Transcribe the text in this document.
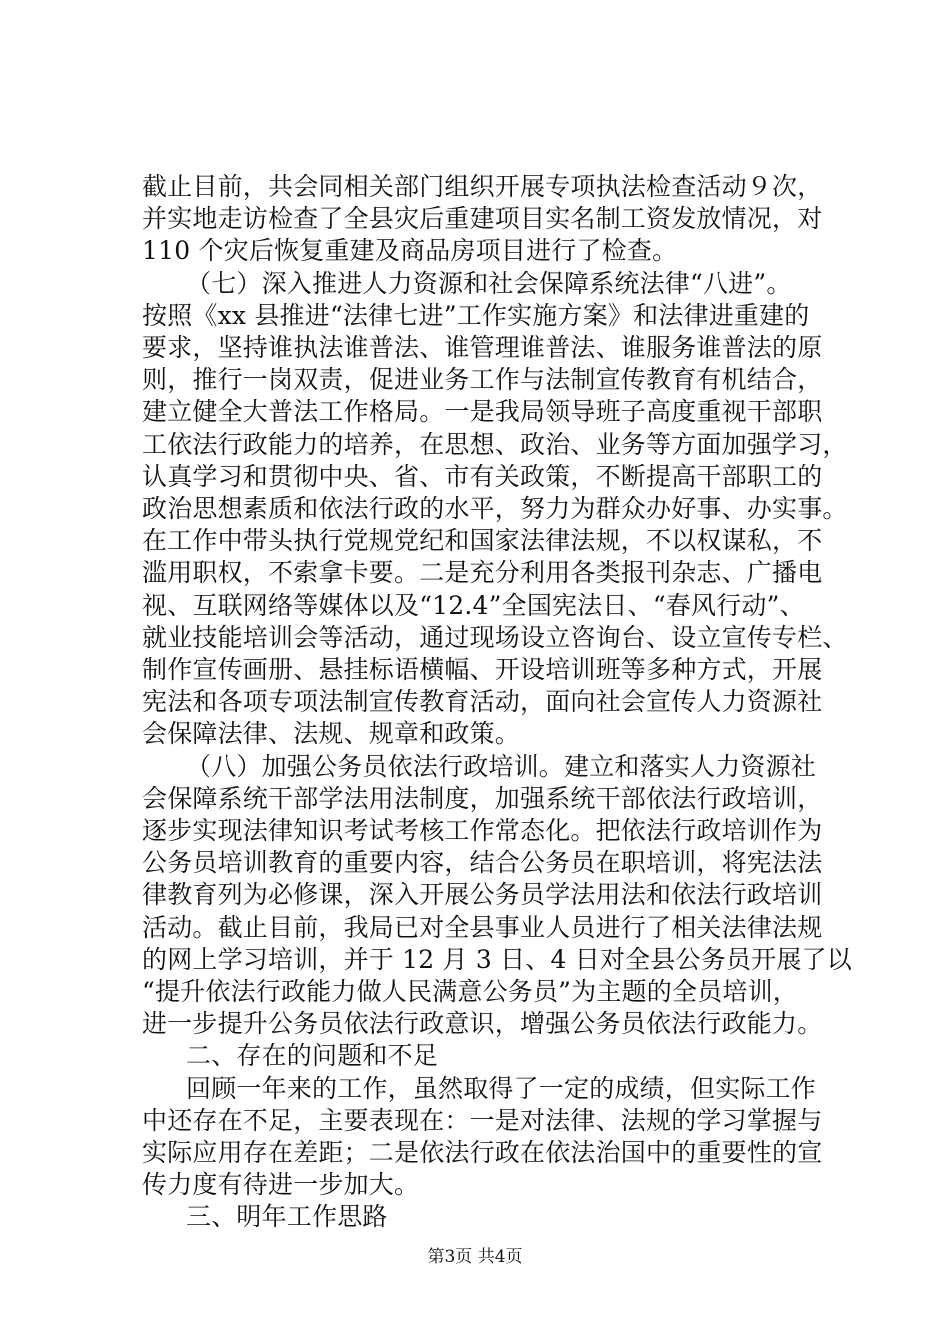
截止目前，共会同相关部门组织开展专项执法检查活动９次，
并实地走访检查了全县灾后重建项目实名制工资发放情况，对
110 个灾后恢复重建及商品房项目进行了检查。
（七）深入推进人力资源和社会保障系统法律“八进”。
按照《xx 县推进“法律七进”工作实施方案》和法律进重建的
要求，坚持谁执法谁普法、谁管理谁普法、谁服务谁普法的原
则，推行一岗双责，促进业务工作与法制宣传教育有机结合，
建立健全大普法工作格局。一是我局领导班子高度重视干部职
工依法行政能力的培养，在思想、政治、业务等方面加强学习，
认真学习和贯彻中央、省、市有关政策，不断提高干部职工的
政治思想素质和依法行政的水平，努力为群众办好事、办实事。
在工作中带头执行党规党纪和国家法律法规，不以权谋私，不
滥用职权，不索拿卡要。二是充分利用各类报刊杂志、广播电
视、互联网络等媒体以及“12.4”全国宪法日、“春风行动”、
就业技能培训会等活动，通过现场设立咨询台、设立宣传专栏、
制作宣传画册、悬挂标语横幅、开设培训班等多种方式，开展
宪法和各项专项法制宣传教育活动，面向社会宣传人力资源社
会保障法律、法规、规章和政策。
（八）加强公务员依法行政培训。建立和落实人力资源社
会保障系统干部学法用法制度，加强系统干部依法行政培训，
逐步实现法律知识考试考核工作常态化。把依法行政培训作为
公务员培训教育的重要内容，结合公务员在职培训，将宪法法
律教育列为必修课，深入开展公务员学法用法和依法行政培训
活动。截止目前，我局已对全县事业人员进行了相关法律法规
的网上学习培训，并于 12 月 3 日、4 日对全县公务员开展了以
“提升依法行政能力做人民满意公务员”为主题的全员培训，
进一步提升公务员依法行政意识，增强公务员依法行政能力。
二、存在的问题和不足
回顾一年来的工作，虽然取得了一定的成绩，但实际工作
中还存在不足，主要表现在：一是对法律、法规的学习掌握与
实际应用存在差距；二是依法行政在依法治国中的重要性的宣
传力度有待进一步加大。
三、明年工作思路
第3页 共4页
